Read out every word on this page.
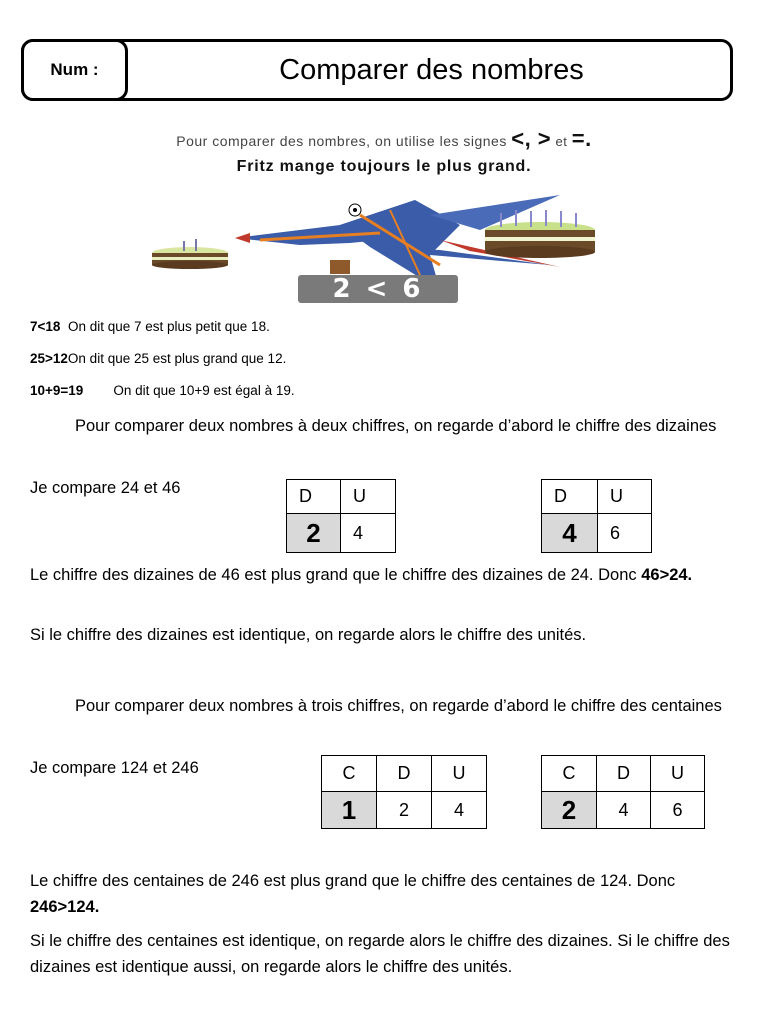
Num :	Comparer des nombres
Pour comparer des nombres, on utilise les signes <, > et =.
Fritz mange toujours le plus grand.
2 < 6
7<18 On dit que 7 est plus petit que 18.
25>12On dit que 25 est plus grand que 12.
10+9=19 On dit que 10+9 est égal à 19.
Pour comparer deux nombres à deux chiffres, on regarde d’abord le chiffre des dizaines
Je compare 24 et 46	D	U
2	4
D	U
4	6
Le chiffre des dizaines de 46 est plus grand que le chiffre des dizaines de 24. Donc 46>24.
Si le chiffre des dizaines est identique, on regarde alors le chiffre des unités.
Pour comparer deux nombres à trois chiffres, on regarde d’abord le chiffre des centaines
Je compare 124 et 246	C	D	U
1	2	4
C	D	U
2	4	6
Le chiffre des centaines de 246 est plus grand que le chiffre des centaines de 124. Donc 246>124.
Si le chiffre des centaines est identique, on regarde alors le chiffre des dizaines. Si le chiffre des dizaines est identique aussi, on regarde alors le chiffre des unités.
